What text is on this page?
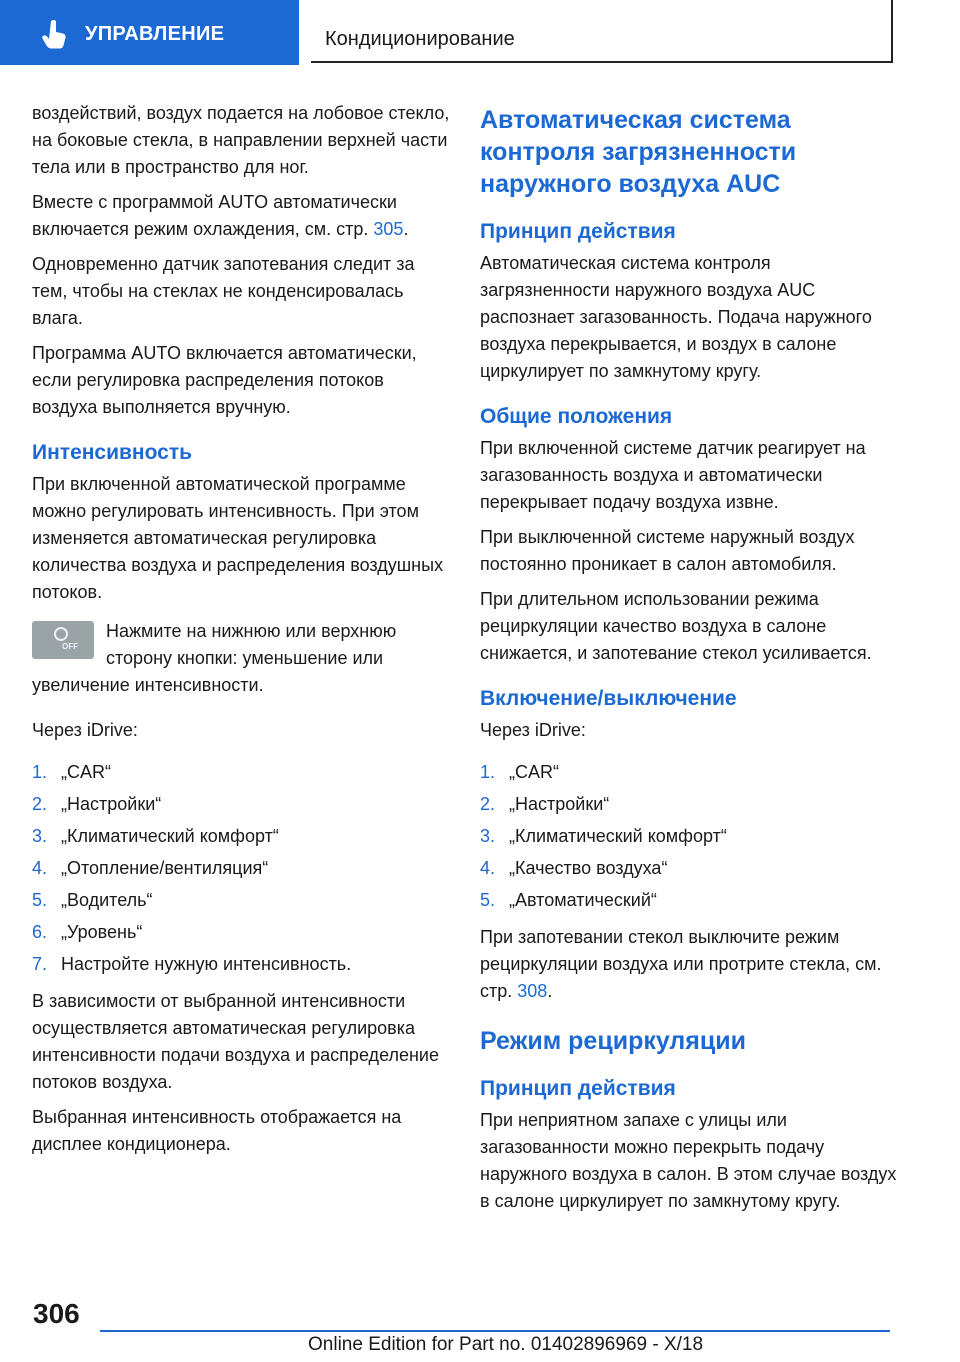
УПРАВЛЕНИЕ	Кондиционирование

воздействий, воздух подается на лобовое стекло, на боковые стекла, в направлении верхней части тела или в пространство для ног.

Вместе с программой AUTO автоматически включается режим охлаждения, см. стр. 305.

Одновременно датчик запотевания следит за тем, чтобы на стеклах не конденсировалась влага.

Программа AUTO включается автоматически, если регулировка распределения потоков воздуха выполняется вручную.

Интенсивность

При включенной автоматической программе можно регулировать интенсивность. При этом изменяется автоматическая регулировка количества воздуха и распределения воздушных потоков.

OFF

Нажмите на нижнюю или верхнюю сторону кнопки: уменьшение или увеличение интенсивности.

Через iDrive:

1. „CAR“
2. „Настройки“
3. „Климатический комфорт“
4. „Отопление/вентиляция“
5. „Водитель“
6. „Уровень“
7. Настройте нужную интенсивность.

В зависимости от выбранной интенсивности осуществляется автоматическая регулировка интенсивности подачи воздуха и распределение потоков воздуха.

Выбранная интенсивность отображается на дисплее кондиционера.

Автоматическая система контроля загрязненности наружного воздуха AUC
Принцип действия

Автоматическая система контроля загрязненности наружного воздуха AUC распознает загазованность. Подача наружного воздуха перекрывается, и воздух в салоне циркулирует по замкнутому кругу.

Общие положения

При включенной системе датчик реагирует на загазованность воздуха и автоматически перекрывает подачу воздуха извне.

При выключенной системе наружный воздух постоянно проникает в салон автомобиля.

При длительном использовании режима рециркуляции качество воздуха в салоне снижается, и запотевание стекол усиливается.

Включение/выключение

Через iDrive:

1. „CAR“
2. „Настройки“
3. „Климатический комфорт“
4. „Качество воздуха“
5. „Автоматический“

При запотевании стекол выключите режим рециркуляции воздуха или протрите стекла, см. стр. 308.

Режим рециркуляции
Принцип действия

При неприятном запахе с улицы или загазованности можно перекрыть подачу наружного воздуха в салон. В этом случае воздух в салоне циркулирует по замкнутому кругу.

306
Online Edition for Part no. 01402896969 - X/18
